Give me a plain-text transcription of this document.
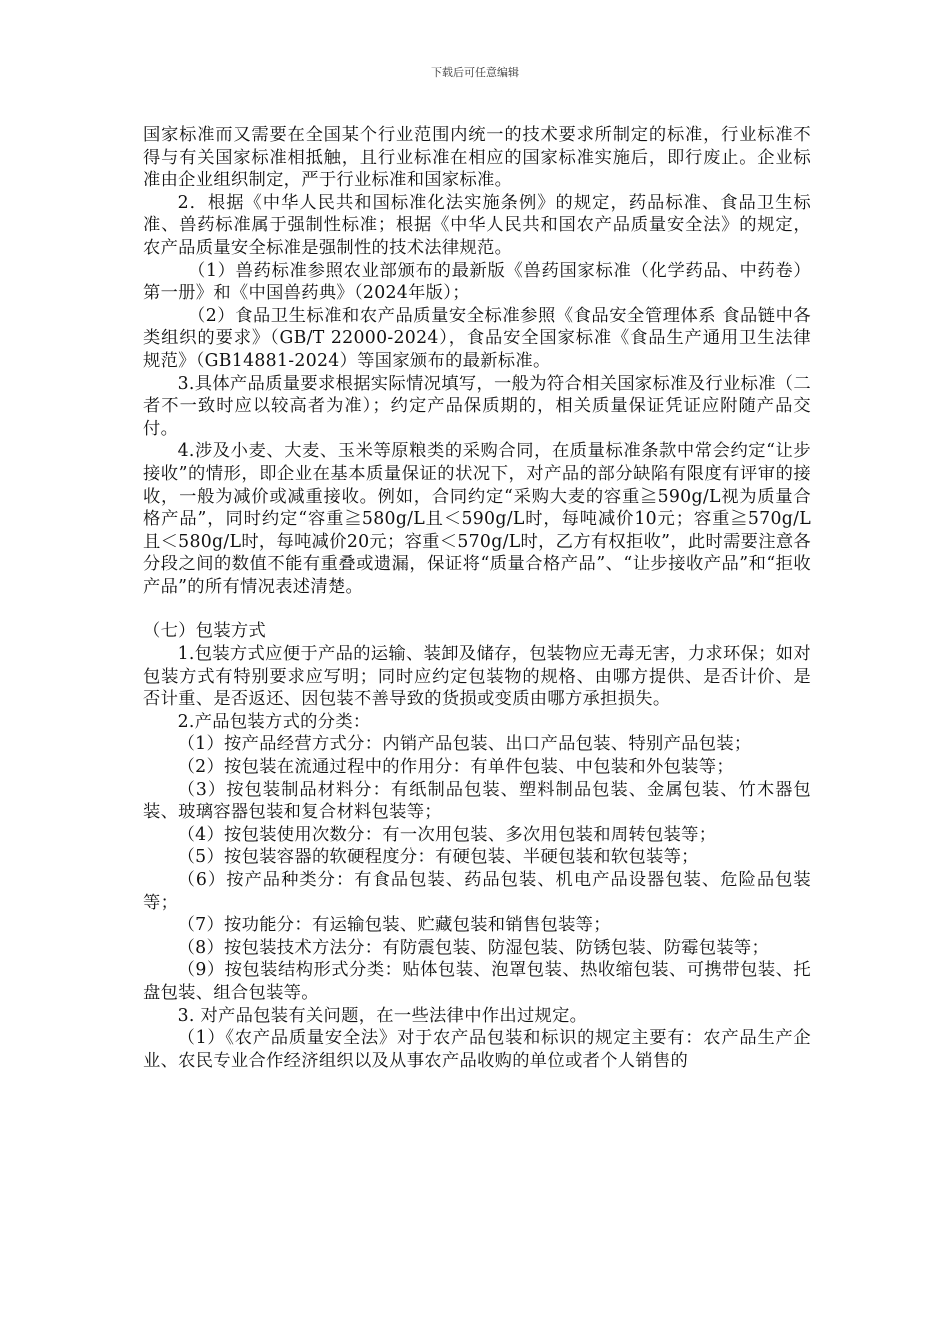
下载后可任意编辑

国家标准而又需要在全国某个行业范围内统一的技术要求所制定的标准，行业标准不得与有关国家标准相抵触，且行业标准在相应的国家标准实施后，即行废止。企业标准由企业组织制定，严于行业标准和国家标准。

2．根据《中华人民共和国标准化法实施条例》的规定，药品标准、食品卫生标准、兽药标准属于强制性标准；根据《中华人民共和国农产品质量安全法》的规定，农产品质量安全标准是强制性的技术法律规范。

（1）兽药标准参照农业部颁布的最新版《兽药国家标准（化学药品、中药卷）第一册》和《中国兽药典》（2024年版）；

（2）食品卫生标准和农产品质量安全标准参照《食品安全管理体系 食品链中各类组织的要求》（GB/T 22000-2024），食品安全国家标准《食品生产通用卫生法律规范》（GB14881-2024）等国家颁布的最新标准。

3.具体产品质量要求根据实际情况填写，一般为符合相关国家标准及行业标准（二者不一致时应以较高者为准）；约定产品保质期的，相关质量保证凭证应附随产品交付。

4.涉及小麦、大麦、玉米等原粮类的采购合同，在质量标准条款中常会约定“让步接收”的情形，即企业在基本质量保证的状况下，对产品的部分缺陷有限度有评审的接收，一般为减价或减重接收。例如，合同约定“采购大麦的容重≧590g/L视为质量合格产品”，同时约定“容重≧580g/L且＜590g/L时，每吨减价10元；容重≧570g/L且＜580g/L时，每吨减价20元；容重＜570g/L时，乙方有权拒收”，此时需要注意各分段之间的数值不能有重叠或遗漏，保证将“质量合格产品”、“让步接收产品”和“拒收产品”的所有情况表述清楚。

（七）包装方式

1.包装方式应便于产品的运输、装卸及储存，包装物应无毒无害，力求环保；如对包装方式有特别要求应写明；同时应约定包装物的规格、由哪方提供、是否计价、是否计重、是否返还、因包装不善导致的货损或变质由哪方承担损失。

2.产品包装方式的分类：

（1）按产品经营方式分：内销产品包装、出口产品包装、特别产品包装；

（2）按包装在流通过程中的作用分：有单件包装、中包装和外包装等；

（3）按包装制品材料分：有纸制品包装、塑料制品包装、金属包装、竹木器包装、玻璃容器包装和复合材料包装等；

（4）按包装使用次数分：有一次用包装、多次用包装和周转包装等；

（5）按包装容器的软硬程度分：有硬包装、半硬包装和软包装等；

（6）按产品种类分：有食品包装、药品包装、机电产品设器包装、危险品包装等；

（7）按功能分：有运输包装、贮藏包装和销售包装等；

（8）按包装技术方法分：有防震包装、防湿包装、防锈包装、防霉包装等；

（9）按包装结构形式分类：贴体包装、泡罩包装、热收缩包装、可携带包装、托盘包装、组合包装等。

3. 对产品包装有关问题，在一些法律中作出过规定。

（1）《农产品质量安全法》对于农产品包装和标识的规定主要有：农产品生产企业、农民专业合作经济组织以及从事农产品收购的单位或者个人销售的
